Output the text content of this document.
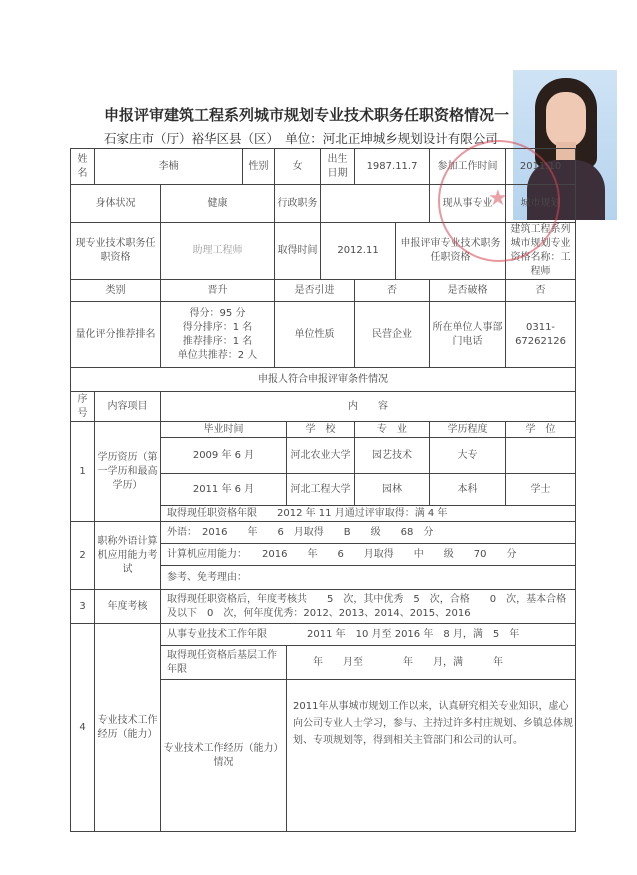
申报评审建筑工程系列城市规划专业技术职务任职资格情况一
石家庄市（厅）裕华区县（区）　单位：河北正坤城乡规划设计有限公司
姓名	李楠		性别	女		出生日期	1987.11.7		参加工作时间	2011.10
身体状况		健康		行政职务					现从事专业	城市规划
现专业技术职务任职资格		助理工程师		取得时间		2012.11		申报评审专业技术职务任职资格		建筑工程系列城市规划专业
资格名称：工程师

类别		晋升		是否引进			否		是否破格	否
量化评分推荐排名		得分：95 分
得分排序：1 名
推荐排序：1 名
单位共推荐：2 人		单位性质			民营企业		所在单位人事部门电话	0311-67262126
申报人符合申报评审条件情况										
序号	内容项目	内　　容								
1	学历资历（第一学历和最高学历）	毕业时间			学　校		专　业		学历程度	学　位
		2009 年 6 月			河北农业大学		园艺技术		大专	
		2011 年 6 月			河北工程大学		园林		本科	学士
		取得现任职资格年限　　2012 年 11 月通过评审取得：满 4 年								
2	职称外语计算机应用能力考试	外语：　2016　　年　　6　月取得　　B　　级　　68　分								
		计算机应用能力：　　2016　　年　　6　　月取得　　中　　级　　70　　分								
		参考、免考理由：								
3	年度考核	取得现任职资格后，年度考核共　　5　次，其中优秀　5　次，合格　　0　次，基本合格及以下　0　次，何年度优秀：2012、2013、2014、2015、2016								
4	专业技术工作经历（能力）	从事专业技术工作年限　　　　2011 年　10 月至 2016 年　8 月，满　5　年								
		取得现任资格后基层工作年限			　　年　　月至　　　　年　　月，满　　　年					
		专业技术工作经历（能力）情况			2011年从事城市规划工作以来，认真研究相关专业知识，虚心向公司专业人士学习，参与、主持过许多村庄规划、乡镇总体规划、专项规划等，得到相关主管部门和公司的认可。					
★
